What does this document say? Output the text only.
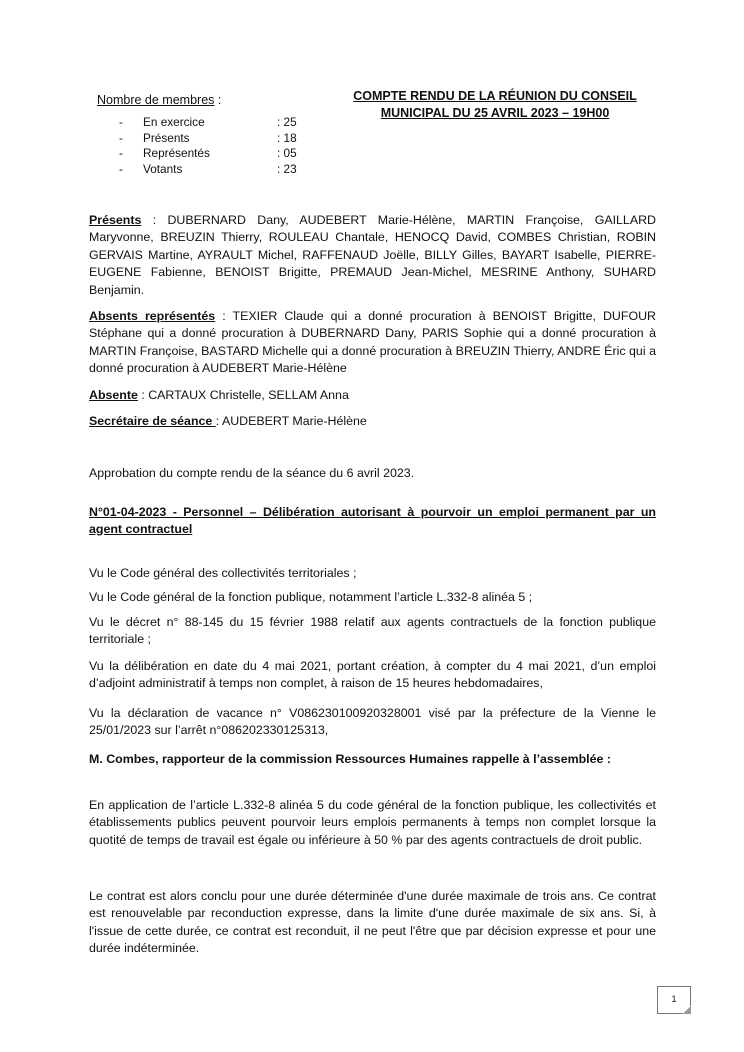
Nombre de membres :
- En exercice	: 25
- Présents	: 18
- Représentés	: 05
- Votants	: 23
COMPTE RENDU DE LA RÉUNION DU CONSEIL
MUNICIPAL DU 25 AVRIL 2023 – 19H00

Présents : DUBERNARD Dany, AUDEBERT Marie-Hélène, MARTIN Françoise, GAILLARD Maryvonne, BREUZIN Thierry, ROULEAU Chantale, HENOCQ David, COMBES Christian, ROBIN GERVAIS Martine, AYRAULT Michel, RAFFENAUD Joëlle, BILLY Gilles, BAYART Isabelle, PIERRE-EUGENE Fabienne, BENOIST Brigitte, PREMAUD Jean-Michel, MESRINE Anthony, SUHARD Benjamin.

Absents représentés : TEXIER Claude qui a donné procuration à BENOIST Brigitte, DUFOUR Stéphane qui a donné procuration à DUBERNARD Dany, PARIS Sophie qui a donné procuration à MARTIN Françoise, BASTARD Michelle qui a donné procuration à BREUZIN Thierry, ANDRE Éric qui a donné procuration à AUDEBERT Marie-Hélène

Absente : CARTAUX Christelle, SELLAM Anna

Secrétaire de séance : AUDEBERT Marie-Hélène

Approbation du compte rendu de la séance du 6 avril 2023.
N°01-04-2023 - Personnel – Délibération autorisant à pourvoir un emploi permanent par un agent contractuel

Vu le Code général des collectivités territoriales ;

Vu le Code général de la fonction publique, notamment l’article L.332-8 alinéa 5 ;

Vu le décret n° 88-145 du 15 février 1988 relatif aux agents contractuels de la fonction publique territoriale ;

Vu la délibération en date du 4 mai 2021, portant création, à compter du 4 mai 2021, d’un emploi d’adjoint administratif à temps non complet, à raison de 15 heures hebdomadaires,

Vu la déclaration de vacance n° V086230100920328001 visé par la préfecture de la Vienne le 25/01/2023 sur l’arrêt n°086202330125313,

M. Combes, rapporteur de la commission Ressources Humaines rappelle à l’assemblée :

En application de l’article L.332-8 alinéa 5 du code général de la fonction publique, les collectivités et établissements publics peuvent pourvoir leurs emplois permanents à temps non complet lorsque la quotité de temps de travail est égale ou inférieure à 50 % par des agents contractuels de droit public.

Le contrat est alors conclu pour une durée déterminée d'une durée maximale de trois ans. Ce contrat est renouvelable par reconduction expresse, dans la limite d'une durée maximale de six ans. Si, à l'issue de cette durée, ce contrat est reconduit, il ne peut l'être que par décision expresse et pour une durée indéterminée.

1
